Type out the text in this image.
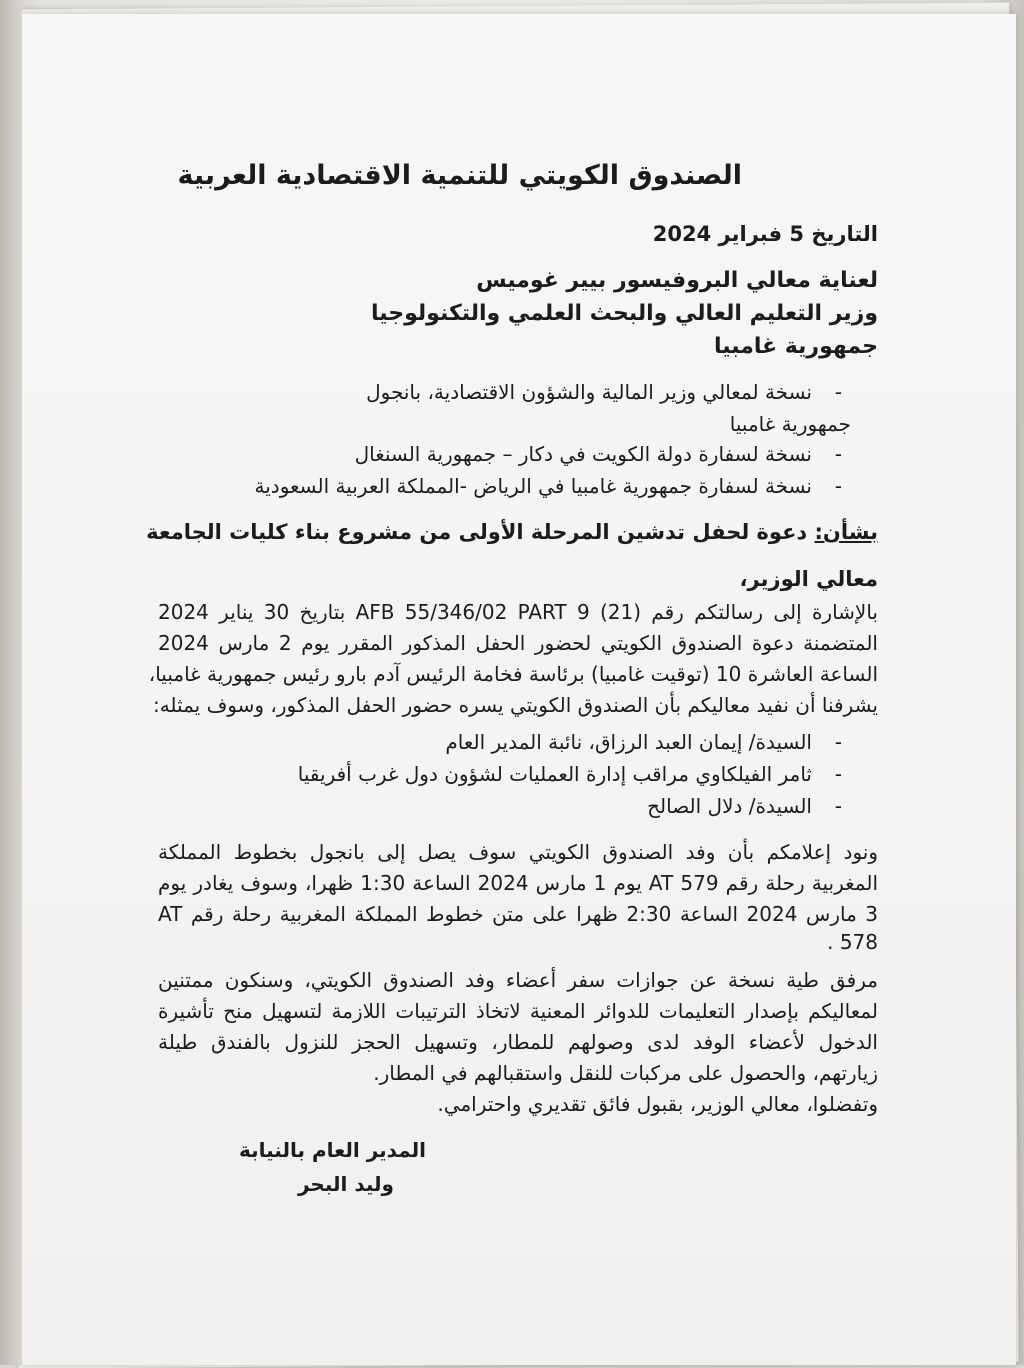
الصندوق الكويتي للتنمية الاقتصادية العربية
التاريخ 5 فبراير 2024
لعناية معالي البروفيسور بيير غوميس
وزير التعليم العالي والبحث العلمي والتكنولوجيا
جمهورية غامبيا
- نسخة لمعالي وزير المالية والشؤون الاقتصادية، بانجول
جمهورية غامبيا
- نسخة لسفارة دولة الكويت في دكار – جمهورية السنغال
- نسخة لسفارة جمهورية غامبيا في الرياض -المملكة العربية السعودية
بشأن: دعوة لحفل تدشين المرحلة الأولى من مشروع بناء كليات الجامعة
معالي الوزير،
بالإشارة إلى رسالتكم رقم (21) AFB 55/346/02 PART 9 بتاريخ 30 يناير 2024
المتضمنة دعوة الصندوق الكويتي لحضور الحفل المذكور المقرر يوم 2 مارس 2024
الساعة العاشرة 10 (توقيت غامبيا) برئاسة فخامة الرئيس آدم بارو رئيس جمهورية غامبيا،
يشرفنا أن نفيد معاليكم بأن الصندوق الكويتي يسره حضور الحفل المذكور، وسوف يمثله:
- السيدة/ إيمان العبد الرزاق، نائبة المدير العام
- ثامر الفيلكاوي مراقب إدارة العمليات لشؤون دول غرب أفريقيا
- السيدة/ دلال الصالح
ونود إعلامكم بأن وفد الصندوق الكويتي سوف يصل إلى بانجول بخطوط المملكة
المغربية رحلة رقم AT 579 يوم 1 مارس 2024 الساعة 1:30 ظهرا، وسوف يغادر يوم
3 مارس 2024 الساعة 2:30 ظهرا على متن خطوط المملكة المغربية رحلة رقم AT
578 .
مرفق طية نسخة عن جوازات سفر أعضاء وفد الصندوق الكويتي، وسنكون ممتنين
لمعاليكم بإصدار التعليمات للدوائر المعنية لاتخاذ الترتيبات اللازمة لتسهيل منح تأشيرة
الدخول لأعضاء الوفد لدى وصولهم للمطار، وتسهيل الحجز للنزول بالفندق طيلة
زيارتهم، والحصول على مركبات للنقل واستقبالهم في المطار.
وتفضلوا، معالي الوزير، بقبول فائق تقديري واحترامي.
المدير العام بالنيابة
وليد البحر
